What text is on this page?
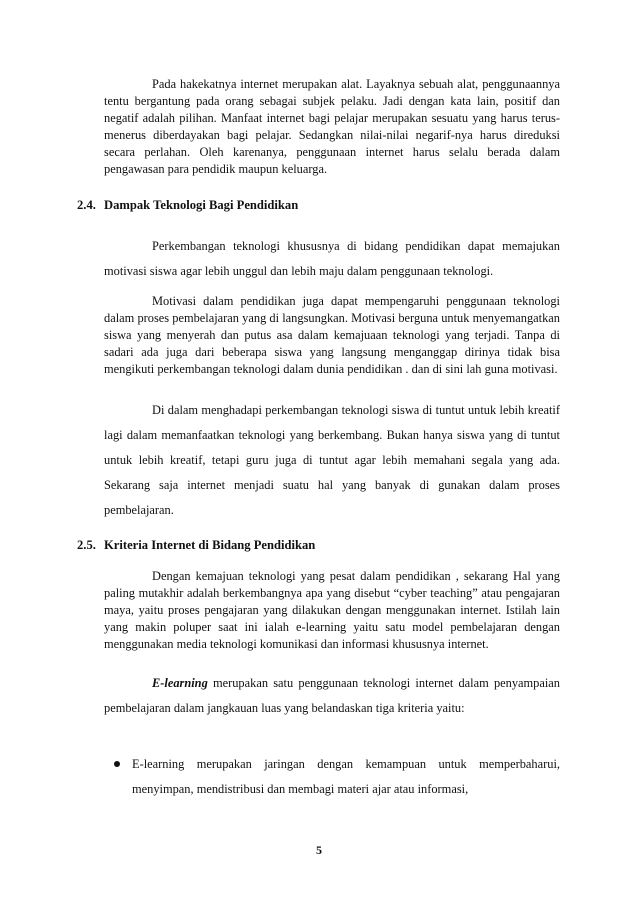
Pada hakekatnya internet merupakan alat. Layaknya sebuah alat, penggunaannya tentu bergantung pada orang sebagai subjek pelaku. Jadi dengan kata lain, positif dan negatif adalah pilihan. Manfaat internet bagi pelajar merupakan sesuatu yang harus terus-menerus diberdayakan bagi pelajar. Sedangkan nilai-nilai negarif-nya harus direduksi secara perlahan. Oleh karenanya, penggunaan internet harus selalu berada dalam pengawasan para pendidik maupun keluarga.

2.4. Dampak Teknologi Bagi Pendidikan

Perkembangan teknologi khususnya di bidang pendidikan dapat memajukan motivasi siswa agar lebih unggul dan lebih maju dalam penggunaan teknologi.

Motivasi dalam pendidikan juga dapat mempengaruhi penggunaan teknologi dalam proses pembelajaran yang di langsungkan. Motivasi berguna untuk menyemangatkan siswa yang menyerah dan putus asa dalam kemajuaan teknologi yang terjadi. Tanpa di sadari ada juga dari beberapa siswa yang langsung menganggap dirinya tidak bisa mengikuti perkembangan teknologi dalam dunia pendidikan . dan di sini lah guna motivasi.

Di dalam menghadapi perkembangan teknologi siswa di tuntut untuk lebih kreatif lagi dalam memanfaatkan teknologi yang berkembang. Bukan hanya siswa yang di tuntut untuk lebih kreatif, tetapi guru juga di tuntut agar lebih memahani segala yang ada. Sekarang saja internet menjadi suatu hal yang banyak di gunakan dalam proses pembelajaran.

2.5. Kriteria Internet di Bidang Pendidikan

Dengan kemajuan teknologi yang pesat dalam pendidikan , sekarang Hal yang paling mutakhir adalah berkembangnya apa yang disebut “cyber teaching” atau pengajaran maya, yaitu proses pengajaran yang dilakukan dengan menggunakan internet. Istilah lain yang makin poluper saat ini ialah e-learning yaitu satu model pembelajaran dengan menggunakan media teknologi komunikasi dan informasi khususnya internet.

E-learning merupakan satu penggunaan teknologi internet dalam penyampaian pembelajaran dalam jangkauan luas yang belandaskan tiga kriteria yaitu:

E-learning merupakan jaringan dengan kemampuan untuk memperbaharui, menyimpan, mendistribusi dan membagi materi ajar atau informasi,
5
